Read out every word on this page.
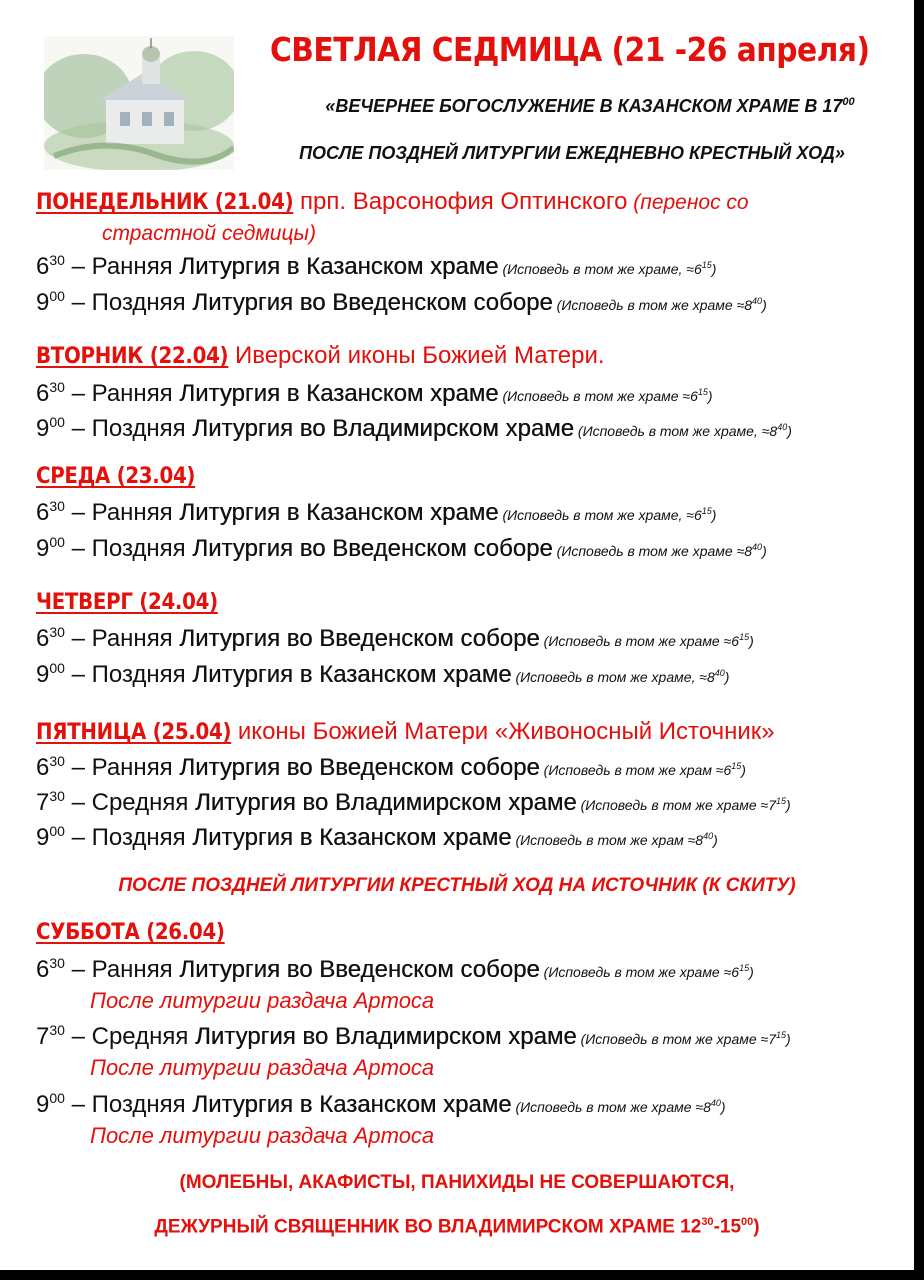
СВЕТЛАЯ СЕДМИЦА (21 -26 апреля)
«ВЕЧЕРНЕЕ БОГОСЛУЖЕНИЕ В КАЗАНСКОМ ХРАМЕ В $17^{00}$
ПОСЛЕ ПОЗДНЕЙ ЛИТУРГИИ ЕЖЕДНЕВНО КРЕСТНЫЙ ХОД»
ПОНЕДЕЛЬНИК (21.04) прп. Варсонофия Оптинского (перенос со
страстной седмицы)
$6^{30}$ – Ранняя Литургия в Казанском храме (Исповедь в том же храме, $\approx 6^{15}$)
$9^{00}$ – Поздняя Литургия во Введенском соборе (Исповедь в том же храме $\approx 8^{40}$)
ВТОРНИК (22.04) Иверской иконы Божией Матери.
$6^{30}$ – Ранняя Литургия в Казанском храме (Исповедь в том же храме $\approx 6^{15}$)
$9^{00}$ – Поздняя Литургия во Владимирском храме (Исповедь в том же храме, $\approx 8^{40}$)
СРЕДА (23.04)
$6^{30}$ – Ранняя Литургия в Казанском храме (Исповедь в том же храме, $\approx 6^{15}$)
$9^{00}$ – Поздняя Литургия во Введенском соборе (Исповедь в том же храме $\approx 8^{40}$)
ЧЕТВЕРГ (24.04)
$6^{30}$ – Ранняя Литургия во Введенском соборе (Исповедь в том же храме $\approx 6^{15}$)
$9^{00}$ – Поздняя Литургия в Казанском храме (Исповедь в том же храме, $\approx 8^{40}$)
ПЯТНИЦА (25.04) иконы Божией Матери «Живоносный Источник»
$6^{30}$ – Ранняя Литургия во Введенском соборе (Исповедь в том же храм $\approx 6^{15}$)
$7^{30}$ – Средняя Литургия во Владимирском храме (Исповедь в том же храме $\approx 7^{15}$)
$9^{00}$ – Поздняя Литургия в Казанском храме (Исповедь в том же храм $\approx 8^{40}$)
ПОСЛЕ ПОЗДНЕЙ ЛИТУРГИИ КРЕСТНЫЙ ХОД НА ИСТОЧНИК (К СКИТУ)
СУББОТА (26.04)
$6^{30}$ – Ранняя Литургия во Введенском соборе (Исповедь в том же храме $\approx 6^{15}$)
После литургии раздача Артоса
$7^{30}$ – Средняя Литургия во Владимирском храме (Исповедь в том же храме $\approx 7^{15}$)
После литургии раздача Артоса
$9^{00}$ – Поздняя Литургия в Казанском храме (Исповедь в том же храме $\approx 8^{40}$)
После литургии раздача Артоса
(МОЛЕБНЫ, АКАФИСТЫ, ПАНИХИДЫ НЕ СОВЕРШАЮТСЯ,
ДЕЖУРНЫЙ СВЯЩЕННИК ВО ВЛАДИМИРСКОМ ХРАМЕ $12^{30}-15^{00}$)
